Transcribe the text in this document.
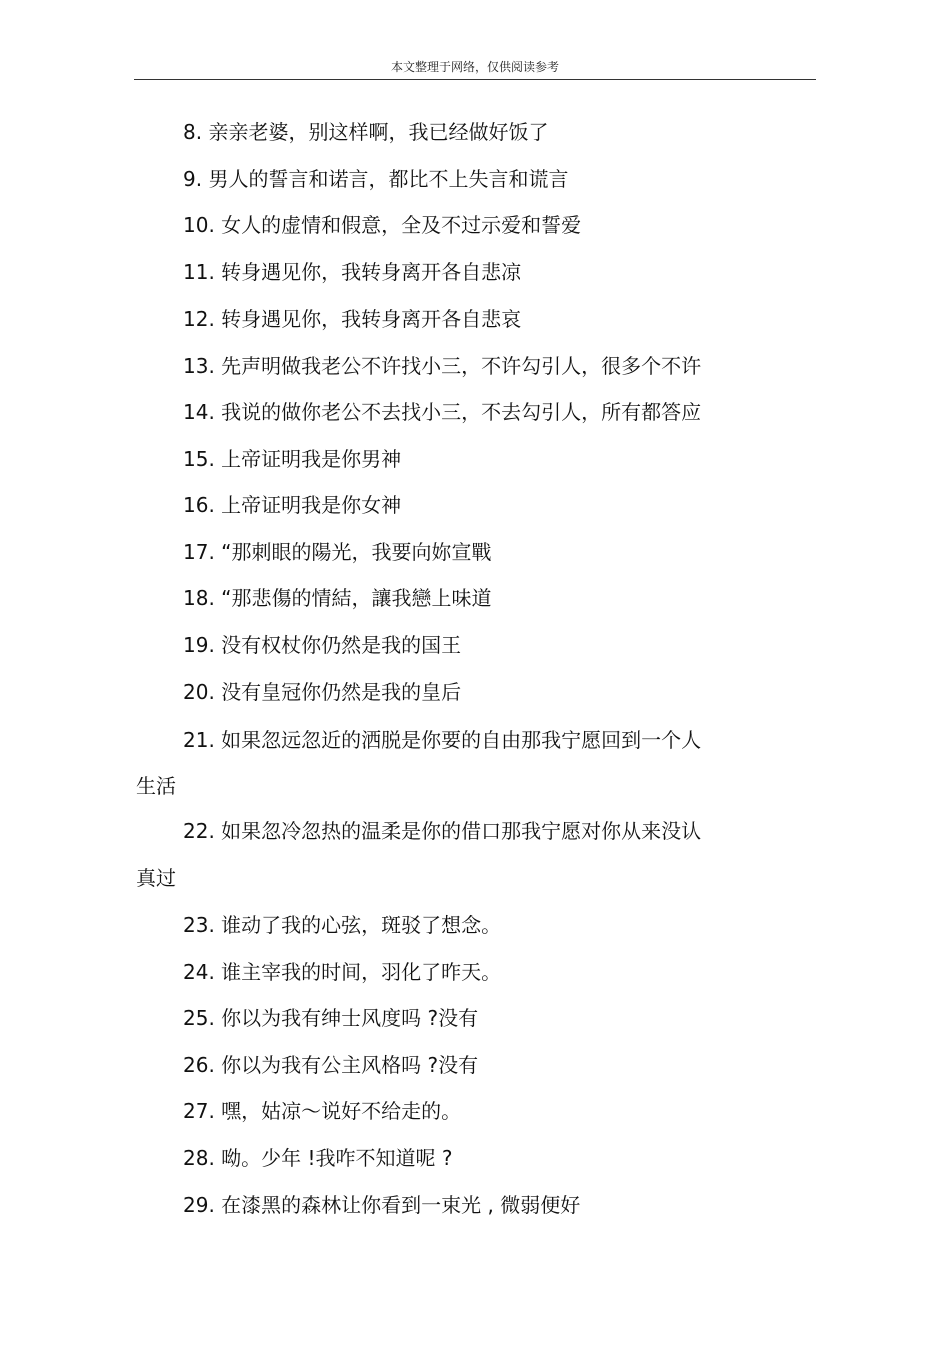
本文整理于网络，仅供阅读参考
8. 亲亲老婆，别这样啊，我已经做好饭了
9. 男人的誓言和诺言，都比不上失言和谎言
10. 女人的虚情和假意，全及不过示爱和誓爱
11. 转身遇见你，我转身离开各自悲凉
12. 转身遇见你，我转身离开各自悲哀
13. 先声明做我老公不许找小三，不许勾引人，很多个不许
14. 我说的做你老公不去找小三，不去勾引人，所有都答应
15. 上帝证明我是你男神
16. 上帝证明我是你女神
17. “那刺眼的陽光，我要向妳宣戰
18. “那悲傷的情結，讓我戀上味道
19. 没有权杖你仍然是我的国王
20. 没有皇冠你仍然是我的皇后
21. 如果忽远忽近的洒脱是你要的自由那我宁愿回到一个人
生活
22. 如果忽冷忽热的温柔是你的借口那我宁愿对你从来没认
真过
23. 谁动了我的心弦，斑驳了想念。
24. 谁主宰我的时间，羽化了昨天。
25. 你以为我有绅士风度吗 ?没有
26. 你以为我有公主风格吗 ?没有
27. 嘿，姑凉～说好不给走的。
28. 呦。少年 !我咋不知道呢 ?
29. 在漆黑的森林让你看到一束光 , 微弱便好
